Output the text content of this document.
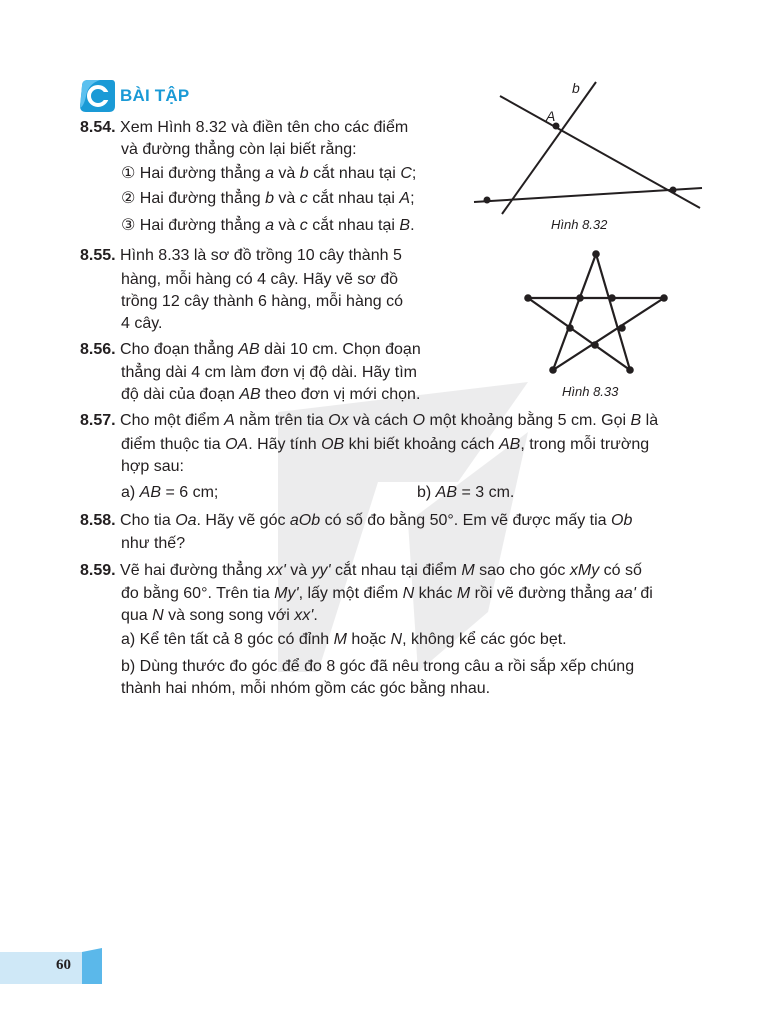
BÀI TẬP
8.54. Xem Hình 8.32 và điền tên cho các điểm
và đường thẳng còn lại biết rằng:
① Hai đường thẳng a và b cắt nhau tại C;
② Hai đường thẳng b và c cắt nhau tại A;
③ Hai đường thẳng a và c cắt nhau tại B.
b
A
Hình 8.32
8.55. Hình 8.33 là sơ đồ trồng 10 cây thành 5
hàng, mỗi hàng có 4 cây. Hãy vẽ sơ đồ
trồng 12 cây thành 6 hàng, mỗi hàng có
4 cây.
Hình 8.33
8.56. Cho đoạn thẳng AB dài 10 cm. Chọn đoạn
thẳng dài 4 cm làm đơn vị độ dài. Hãy tìm
độ dài của đoạn AB theo đơn vị mới chọn.
8.57. Cho một điểm A nằm trên tia Ox và cách O một khoảng bằng 5 cm. Gọi B là
điểm thuộc tia OA. Hãy tính OB khi biết khoảng cách AB, trong mỗi trường
hợp sau:
a) AB = 6 cm;	b) AB = 3 cm.
8.58. Cho tia Oa. Hãy vẽ góc aOb có số đo bằng 50°. Em vẽ được mấy tia Ob
như thế?
8.59. Vẽ hai đường thẳng xx' và yy' cắt nhau tại điểm M sao cho góc xMy có số
đo bằng 60°. Trên tia My', lấy một điểm N khác M rồi vẽ đường thẳng aa' đi
qua N và song song với xx'.
a) Kể tên tất cả 8 góc có đỉnh M hoặc N, không kể các góc bẹt.
b) Dùng thước đo góc để đo 8 góc đã nêu trong câu a rồi sắp xếp chúng
thành hai nhóm, mỗi nhóm gồm các góc bằng nhau.
60
